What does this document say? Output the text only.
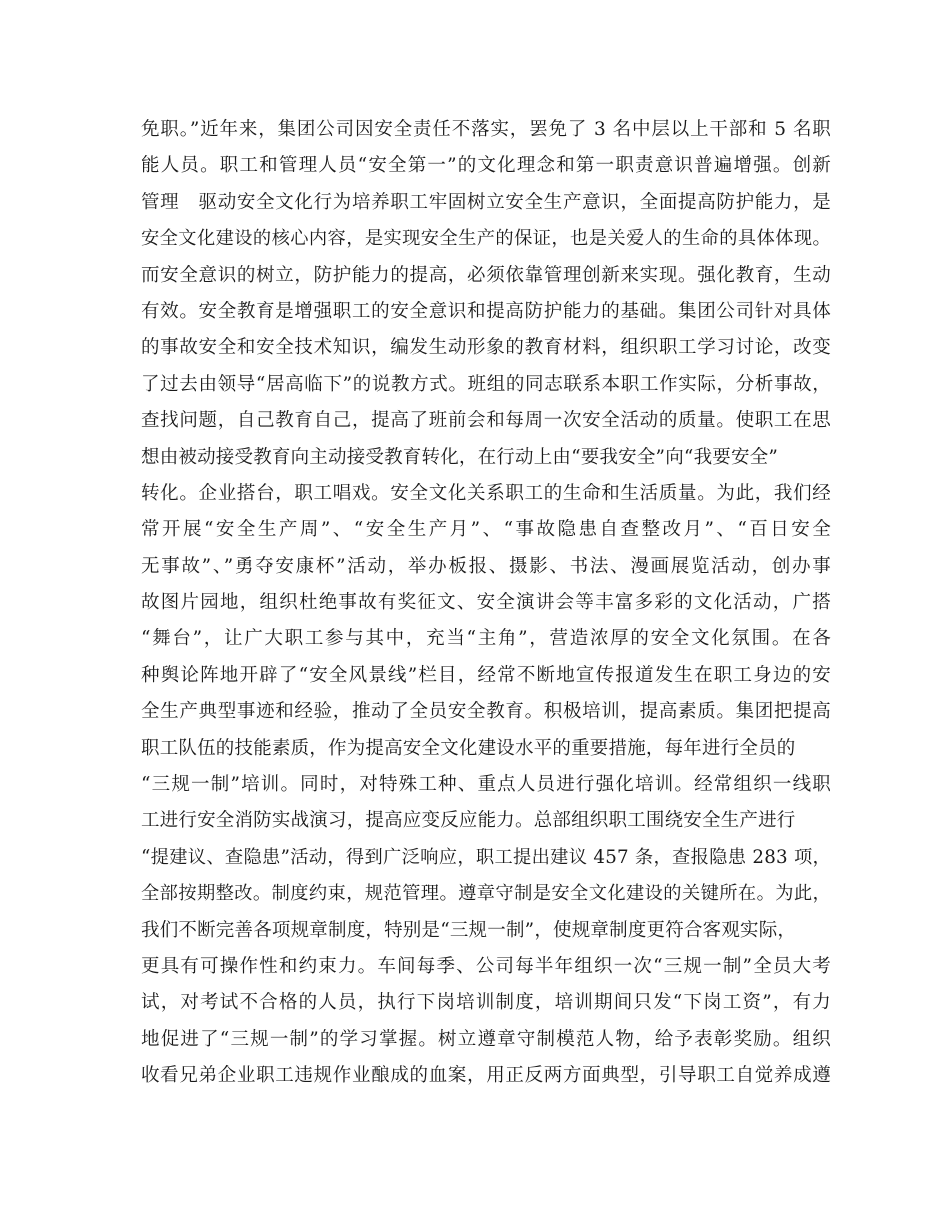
免职。”近年来，集团公司因安全责任不落实，罢免了 3 名中层以上干部和 5 名职
能人员。职工和管理人员“安全第一”的文化理念和第一职责意识普遍增强。创新
管理　驱动安全文化行为培养职工牢固树立安全生产意识，全面提高防护能力，是
安全文化建设的核心内容，是实现安全生产的保证，也是关爱人的生命的具体体现。
而安全意识的树立，防护能力的提高，必须依靠管理创新来实现。强化教育，生动
有效。安全教育是增强职工的安全意识和提高防护能力的基础。集团公司针对具体
的事故安全和安全技术知识，编发生动形象的教育材料，组织职工学习讨论，改变
了过去由领导“居高临下”的说教方式。班组的同志联系本职工作实际，分析事故，
查找问题，自己教育自己，提高了班前会和每周一次安全活动的质量。使职工在思
想由被动接受教育向主动接受教育转化，在行动上由“要我安全”向“我要安全”
转化。企业搭台，职工唱戏。安全文化关系职工的生命和生活质量。为此，我们经
常开展“安全生产周”、“安全生产月”、“事故隐患自查整改月”、“百日安全
无事故”、”勇夺安康杯”活动，举办板报、摄影、书法、漫画展览活动，创办事
故图片园地，组织杜绝事故有奖征文、安全演讲会等丰富多彩的文化活动，广搭
“舞台”，让广大职工参与其中，充当“主角”，营造浓厚的安全文化氛围。在各
种舆论阵地开辟了“安全风景线”栏目，经常不断地宣传报道发生在职工身边的安
全生产典型事迹和经验，推动了全员安全教育。积极培训，提高素质。集团把提高
职工队伍的技能素质，作为提高安全文化建设水平的重要措施，每年进行全员的
“三规一制”培训。同时，对特殊工种、重点人员进行强化培训。经常组织一线职
工进行安全消防实战演习，提高应变反应能力。总部组织职工围绕安全生产进行
“提建议、查隐患”活动，得到广泛响应，职工提出建议 457 条，查报隐患 283 项，
全部按期整改。制度约束，规范管理。遵章守制是安全文化建设的关键所在。为此，
我们不断完善各项规章制度，特别是“三规一制”，使规章制度更符合客观实际，
更具有可操作性和约束力。车间每季、公司每半年组织一次“三规一制”全员大考
试，对考试不合格的人员，执行下岗培训制度，培训期间只发“下岗工资”，有力
地促进了“三规一制”的学习掌握。树立遵章守制模范人物，给予表彰奖励。组织
收看兄弟企业职工违规作业酿成的血案，用正反两方面典型，引导职工自觉养成遵
